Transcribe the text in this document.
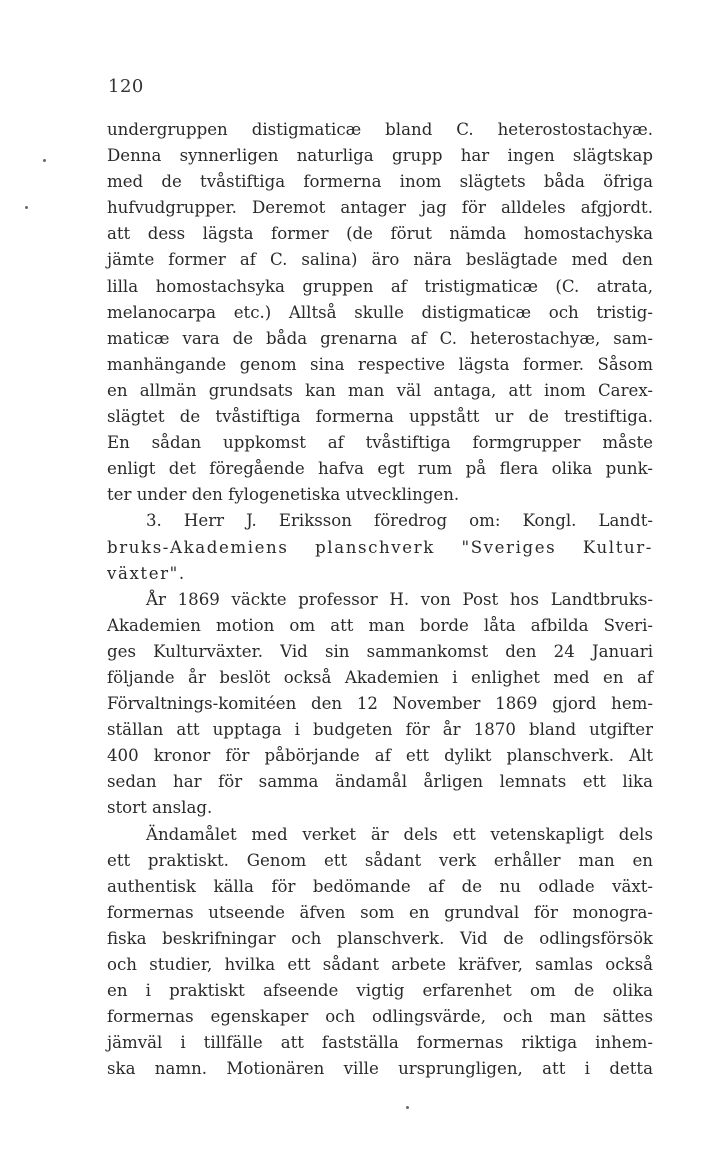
120
undergruppen distigmaticæ bland C. heterostostachyæ.
Denna synnerligen naturliga grupp har ingen slägtskap
med de tvåstiftiga formerna inom slägtets båda öfriga
hufvudgrupper. Deremot antager jag för alldeles afgjordt.
att dess lägsta former (de förut nämda homostachyska
jämte former af C. salina) äro nära beslägtade med den
lilla homostachsyka gruppen af tristigmaticæ (C. atrata,
melanocarpa etc.) Alltså skulle distigmaticæ och tristig-
maticæ vara de båda grenarna af C. heterostachyæ, sam-
manhängande genom sina respective lägsta former. Såsom
en allmän grundsats kan man väl antaga, att inom Carex-
slägtet de tvåstiftiga formerna uppstått ur de trestiftiga.
En sådan uppkomst af tvåstiftiga formgrupper måste
enligt det föregående hafva egt rum på flera olika punk-
ter under den fylogenetiska utvecklingen.
3. Herr J. Eriksson föredrog om: Kongl. Landt-
bruks-Akademiens planschverk "Sveriges Kultur-
växter".
År 1869 väckte professor H. von Post hos Landtbruks-
Akademien motion om att man borde låta afbilda Sveri-
ges Kulturväxter. Vid sin sammankomst den 24 Januari
följande år beslöt också Akademien i enlighet med en af
Förvaltnings-komitéen den 12 November 1869 gjord hem-
ställan att upptaga i budgeten för år 1870 bland utgifter
400 kronor för påbörjande af ett dylikt planschverk. Alt
sedan har för samma ändamål årligen lemnats ett lika
stort anslag.
Ändamålet med verket är dels ett vetenskapligt dels
ett praktiskt. Genom ett sådant verk erhåller man en
authentisk källa för bedömande af de nu odlade växt-
formernas utseende äfven som en grundval för monogra-
fiska beskrifningar och planschverk. Vid de odlingsförsök
och studier, hvilka ett sådant arbete kräfver, samlas också
en i praktiskt afseende vigtig erfarenhet om de olika
formernas egenskaper och odlingsvärde, och man sättes
jämväl i tillfälle att fastställa formernas riktiga inhem-
ska namn. Motionären ville ursprungligen, att i detta
